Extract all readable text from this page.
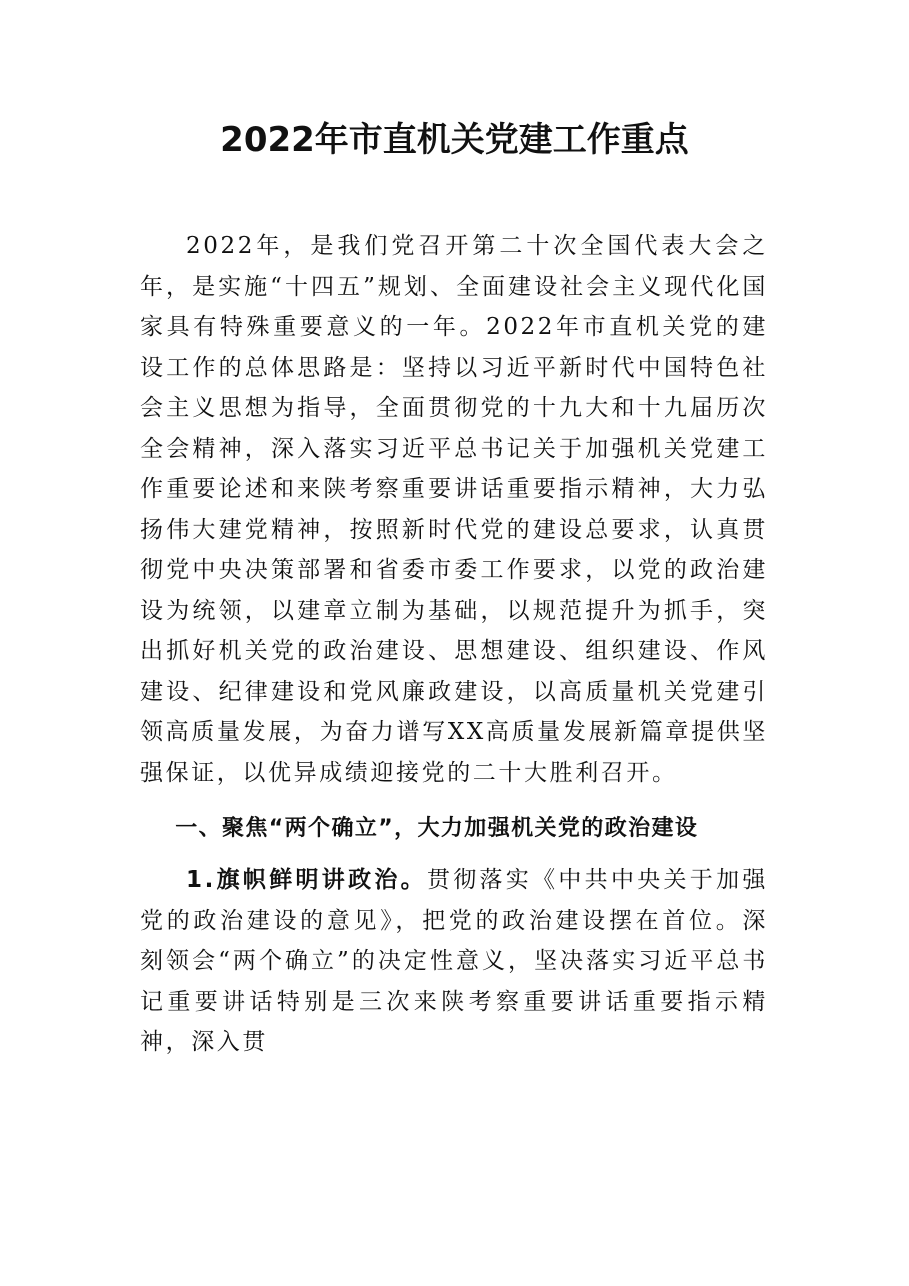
2022年市直机关党建工作重点

2022年，是我们党召开第二十次全国代表大会之年，是实施“十四五”规划、全面建设社会主义现代化国家具有特殊重要意义的一年。2022年市直机关党的建设工作的总体思路是：坚持以习近平新时代中国特色社会主义思想为指导，全面贯彻党的十九大和十九届历次全会精神，深入落实习近平总书记关于加强机关党建工作重要论述和来陕考察重要讲话重要指示精神，大力弘扬伟大建党精神，按照新时代党的建设总要求，认真贯彻党中央决策部署和省委市委工作要求，以党的政治建设为统领，以建章立制为基础，以规范提升为抓手，突出抓好机关党的政治建设、思想建设、组织建设、作风建设、纪律建设和党风廉政建设，以高质量机关党建引领高质量发展，为奋力谱写XX高质量发展新篇章提供坚强保证，以优异成绩迎接党的二十大胜利召开。

一、聚焦“两个确立”，大力加强机关党的政治建设

1.旗帜鲜明讲政治。贯彻落实《中共中央关于加强党的政治建设的意见》，把党的政治建设摆在首位。深刻领会“两个确立”的决定性意义，坚决落实习近平总书记重要讲话特别是三次来陕考察重要讲话重要指示精神，深入贯
